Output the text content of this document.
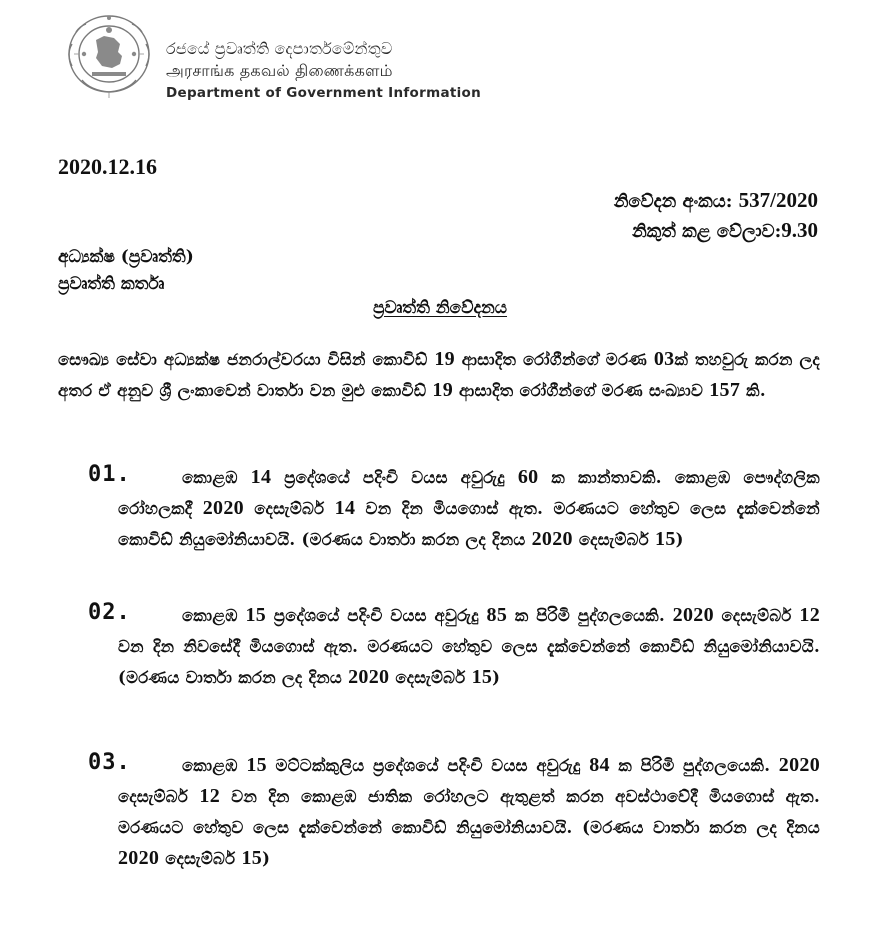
රජයේ ප්‍රවෘත්ති දෙපාර්තමේන්තුව
அரசாங்க தகவல் திணைக்களம்
Department of Government Information
2020.12.16
නිවේදන අංකය: 537/2020
නිකුත් කළ වේලාව:9.30
අධ්‍යක්ෂ (ප්‍රවෘත්ති)
ප්‍රවෘත්ති කර්තෘ
ප්‍රවෘත්ති නිවේදනය
සෞඛ්‍ය සේවා අධ්‍යක්ෂ ජනරාල්වරයා විසින් කොවිඩ් 19 ආසාදිත රෝගීන්ගේ මරණ 03ක් තහවුරු කරන ලද අතර ඒ අනුව ශ්‍රී ලංකාවෙන් වාර්තා වන මුළු කොවිඩ් 19 ආසාදිත රෝගීන්ගේ මරණ සංඛ්‍යාව 157 කි.
01.	කොළඹ 14 ප්‍රදේශයේ පදිංචි වයස අවුරුදු 60 ක කාන්තාවකි. කොළඹ පෞද්ගලික රෝහලකදී 2020 දෙසැම්බර් 14 වන දින මියගොස් ඇත. මරණයට හේතුව ලෙස දැක්වෙන්නේ කොවිඩ් නියුමෝනියාවයි. (මරණය වාර්තා කරන ලද දිනය 2020 දෙසැම්බර් 15)
02.	කොළඹ 15 ප්‍රදේශයේ පදිංචි වයස අවුරුදු 85 ක පිරිමි පුද්ගලයෙකි. 2020 දෙසැම්බර් 12 වන දින නිවසේදී මියගොස් ඇත. මරණයට හේතුව ලෙස දැක්වෙන්නේ කොවිඩ් නියුමෝනියාවයි. (මරණය වාර්තා කරන ලද දිනය 2020 දෙසැම්බර් 15)
03.	කොළඹ 15 මට්ටක්කුලිය ප්‍රදේශයේ පදිංචි වයස අවුරුදු 84 ක පිරිමි පුද්ගලයෙකි. 2020 දෙසැම්බර් 12 වන දින කොළඹ ජාතික රෝහලට ඇතුළත් කරන අවස්ථාවේදී මියගොස් ඇත. මරණයට හේතුව ලෙස දැක්වෙන්නේ කොවිඩ් නියුමෝනියාවයි. (මරණය වාර්තා කරන ලද දිනය 2020 දෙසැම්බර් 15)
